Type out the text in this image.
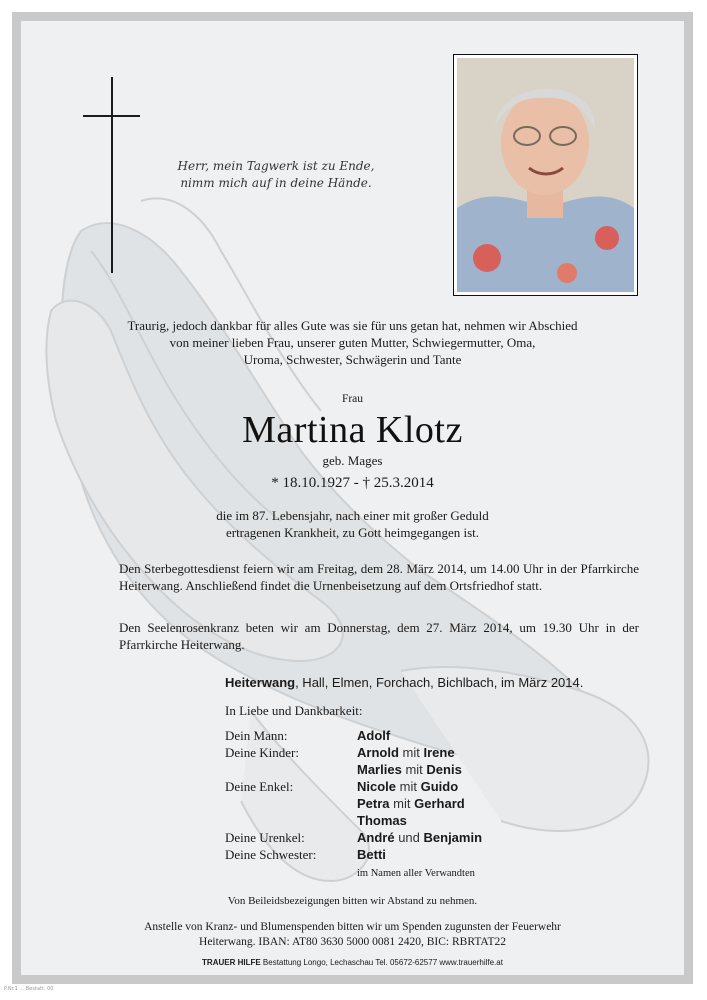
Herr, mein Tagwerk ist zu Ende,
nimm mich auf in deine Hände.
Traurig, jedoch dankbar für alles Gute was sie für uns getan hat, nehmen wir Abschied
von meiner lieben Frau, unserer guten Mutter, Schwiegermutter, Oma,
Uroma, Schwester, Schwägerin und Tante
Frau
Martina Klotz
geb. Mages
* 18.10.1927 - † 25.3.2014
die im 87. Lebensjahr, nach einer mit großer Geduld
ertragenen Krankheit, zu Gott heimgegangen ist.
Den Sterbegottesdienst feiern wir am Freitag, dem 28. März 2014, um 14.00 Uhr in der Pfarrkirche Heiterwang. Anschließend findet die Urnenbeisetzung auf dem Ortsfriedhof statt.
Den Seelenrosenkranz beten wir am Donnerstag, dem 27. März 2014, um 19.30 Uhr in der Pfarrkirche Heiterwang.
Heiterwang, Hall, Elmen, Forchach, Bichlbach, im März 2014.
In Liebe und Dankbarkeit:
Dein Mann:	Adolf
Deine Kinder:	Arnold mit Irene
Marlies mit Denis
Deine Enkel:	Nicole mit Guido
Petra mit Gerhard
Thomas
Deine Urenkel:	André und Benjamin
Deine Schwester:	Betti
im Namen aller Verwandten
Von Beileidsbezeigungen bitten wir Abstand zu nehmen.
Anstelle von Kranz- und Blumenspenden bitten wir um Spenden zugunsten der Feuerwehr
Heiterwang. IBAN: AT80 3630 5000 0081 2420, BIC: RBRTAT22
TRAUER HILFE Bestattung Longo, Lechaschau Tel. 05672-62577 www.trauerhilfe.at
P.Nr.1 ... Bestatt. 00
